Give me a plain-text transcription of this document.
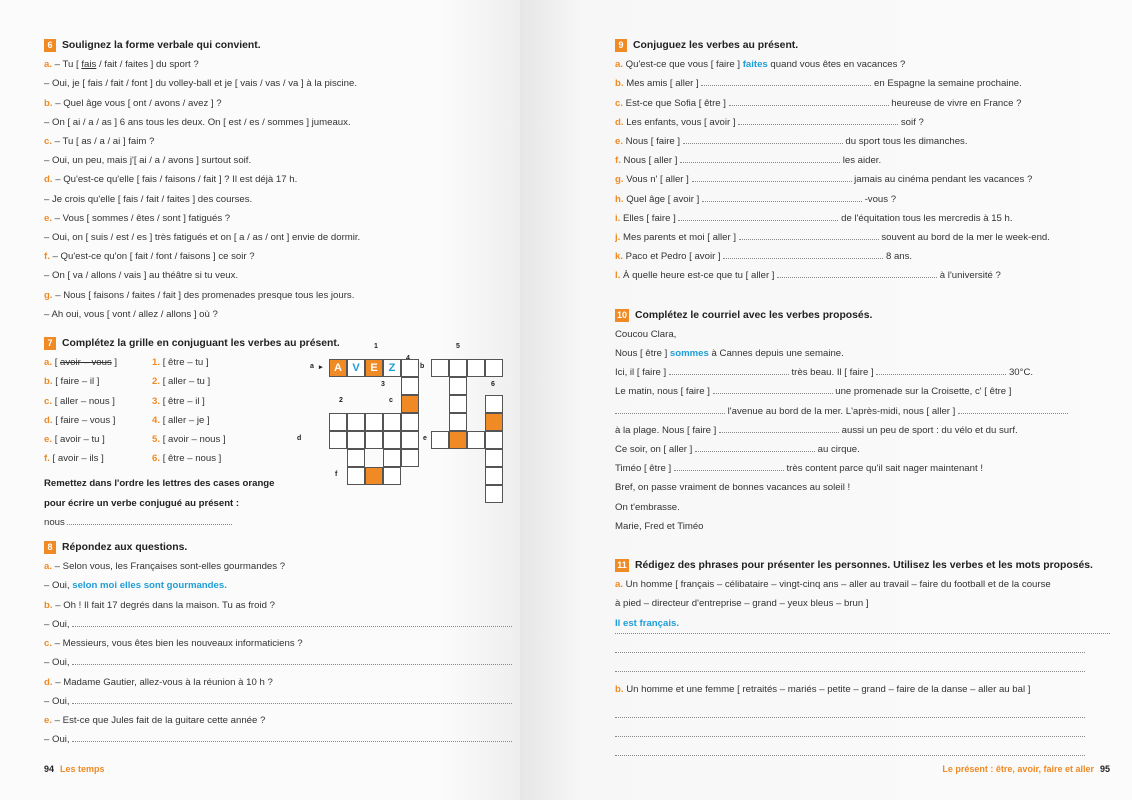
6 Soulignez la forme verbale qui convient.
a. – Tu [ fais / fait / faites ] du sport ?
– Oui, je [ fais / fait / font ] du volley-ball et je [ vais / vas / va ] à la piscine.
b. – Quel âge vous [ ont / avons / avez ] ?
– On [ ai / a / as ] 6 ans tous les deux. On [ est / es / sommes ] jumeaux.
c. – Tu [ as / a / ai ] faim ?
– Oui, un peu, mais j'[ ai / a / avons ] surtout soif.
d. – Qu'est-ce qu'elle [ fais / faisons / fait ] ? Il est déjà 17 h.
– Je crois qu'elle [ fais / fait / faites ] des courses.
e. – Vous [ sommes / êtes / sont ] fatigués ?
– Oui, on [ suis / est / es ] très fatigués et on [ a / as / ont ] envie de dormir.
f. – Qu'est-ce qu'on [ fait / font / faisons ] ce soir ?
– On [ va / allons / vais ] au théâtre si tu veux.
g. – Nous [ faisons / faites / fait ] des promenades presque tous les jours.
– Ah oui, vous [ vont / allez / allons ] où ?
7 Complétez la grille en conjuguant les verbes au présent.
a. [ avoir – vous ]
b. [ faire – il ]
c. [ aller – nous ]
d. [ faire – vous ]
e. [ avoir – tu ]
f. [ avoir – ils ]
1. [ être – tu ]
2. [ aller – tu ]
3. [ être – il ]
4. [ aller – je ]
5. [ avoir – nous ]
6. [ être – nous ]
Remettez dans l'ordre les lettres des cases orange
pour écrire un verbe conjugué au présent :
nous
8 Répondez aux questions.
a. – Selon vous, les Françaises sont-elles gourmandes ?
– Oui, selon moi elles sont gourmandes.
b. – Oh ! Il fait 17 degrés dans la maison. Tu as froid ?
– Oui,
c. – Messieurs, vous êtes bien les nouveaux informaticiens ?
– Oui,
d. – Madame Gautier, allez-vous à la réunion à 10 h ?
– Oui,
e. – Est-ce que Jules fait de la guitare cette année ?
– Oui,
a ▸	A V E Z
1
b
5
c
e
6
d
2
f
3
94 Les temps
9 Conjuguez les verbes au présent.
a. Qu'est-ce que vous [ faire ] faites quand vous êtes en vacances ?
b. Mes amis [ aller ]	en Espagne la semaine prochaine.
c. Est-ce que Sofia [ être ]	heureuse de vivre en France ?
d. Les enfants, vous [ avoir ]	soif ?
e. Nous [ faire ]	du sport tous les dimanches.
f. Nous [ aller ]	les aider.
g. Vous n' [ aller ]	jamais au cinéma pendant les vacances ?
h. Quel âge [ avoir ]	-vous ?
i. Elles [ faire ]	de l'équitation tous les mercredis à 15 h.
j. Mes parents et moi [ aller ]	souvent au bord de la mer le week-end.
k. Paco et Pedro [ avoir ]	8 ans.
l. À quelle heure est-ce que tu [ aller ]	à l'université ?
10 Complétez le courriel avec les verbes proposés.
Coucou Clara,
Nous [ être ] sommes à Cannes depuis une semaine.
Ici, il [ faire ]	très beau. Il [ faire ]	30°C.
Le matin, nous [ faire ]	une promenade sur la Croisette, c' [ être ]
l'avenue au bord de la mer. L'après-midi, nous [ aller ]
à la plage. Nous [ faire ]	aussi un peu de sport : du vélo et du surf.
Ce soir, on [ aller ]	au cirque.
Timéo [ être ]	très content parce qu'il sait nager maintenant !
Bref, on passe vraiment de bonnes vacances au soleil !
On t'embrasse.
Marie, Fred et Timéo
11 Rédigez des phrases pour présenter les personnes. Utilisez les verbes et les mots proposés.
a. Un homme [ français – célibataire – vingt-cinq ans – aller au travail – faire du football et de la course
à pied – directeur d'entreprise – grand – yeux bleus – brun ]
Il est français.
b. Un homme et une femme [ retraités – mariés – petite – grand – faire de la danse – aller au bal ]
Le présent : être, avoir, faire et aller 95
